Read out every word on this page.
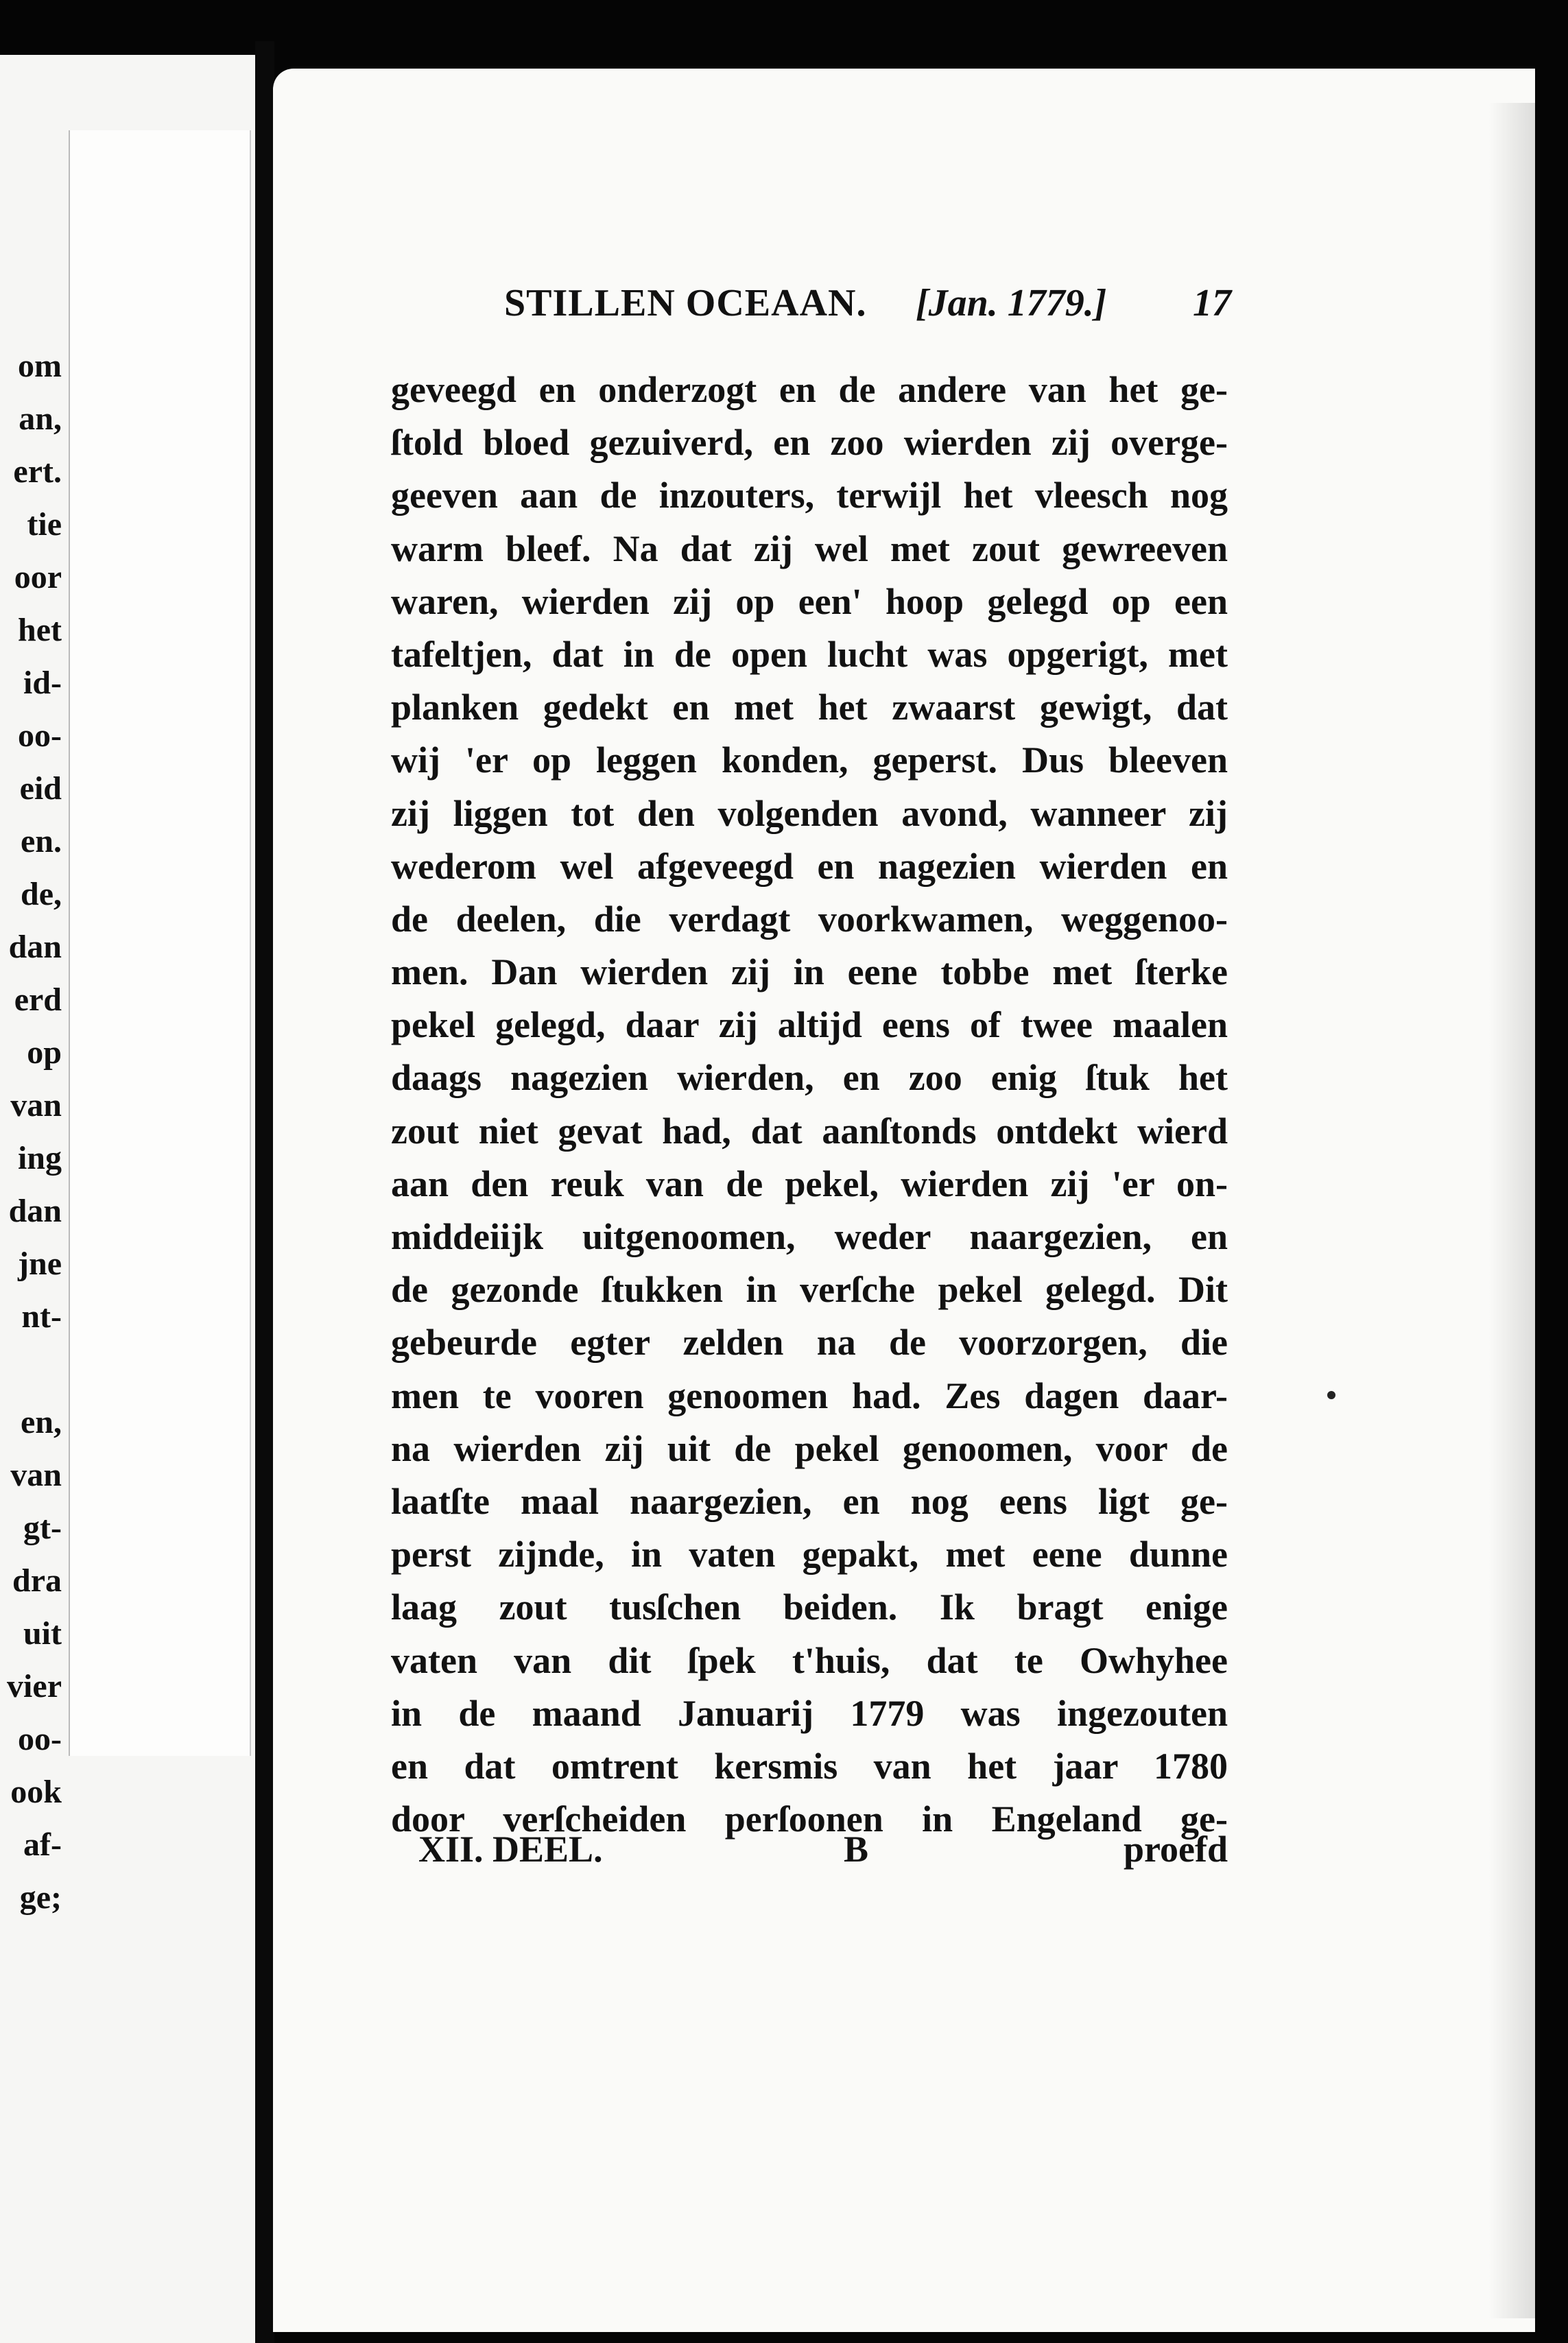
om
an,
ert.
tie
oor
het
id-
oo-
eid
en.
de,
dan
erd
op
van
ing
dan
jne
nt-

en,
van
gt-
dra
uit
vier
oo-
ook
af-
ge;
STILLEN OCEAAN. [Jan. 1779.] 17
geveegd en onderzogt en de andere van het ge-
ſtold bloed gezuiverd, en zoo wierden zij overge-
geeven aan de inzouters, terwijl het vleesch nog
warm bleef. Na dat zij wel met zout gewreeven
waren, wierden zij op een' hoop gelegd op een
tafeltjen, dat in de open lucht was opgerigt, met
planken gedekt en met het zwaarst gewigt, dat
wij 'er op leggen konden, geperst. Dus bleeven
zij liggen tot den volgenden avond, wanneer zij
wederom wel afgeveegd en nagezien wierden en
de deelen, die verdagt voorkwamen, weggenoo-
men. Dan wierden zij in eene tobbe met ſterke
pekel gelegd, daar zij altijd eens of twee maalen
daags nagezien wierden, en zoo enig ſtuk het
zout niet gevat had, dat aanſtonds ontdekt wierd
aan den reuk van de pekel, wierden zij 'er on-
middeiijk uitgenoomen, weder naargezien, en
de gezonde ſtukken in verſche pekel gelegd. Dit
gebeurde egter zelden na de voorzorgen, die
men te vooren genoomen had. Zes dagen daar-
na wierden zij uit de pekel genoomen, voor de
laatſte maal naargezien, en nog eens ligt ge-
perst zijnde, in vaten gepakt, met eene dunne
laag zout tusſchen beiden. Ik bragt enige
vaten van dit ſpek t'huis, dat te Owhyhee
in de maand Januarij 1779 was ingezouten
en dat omtrent kersmis van het jaar 1780
door verſcheiden perſoonen in Engeland ge-
XII. DEEL.	B	proefd
